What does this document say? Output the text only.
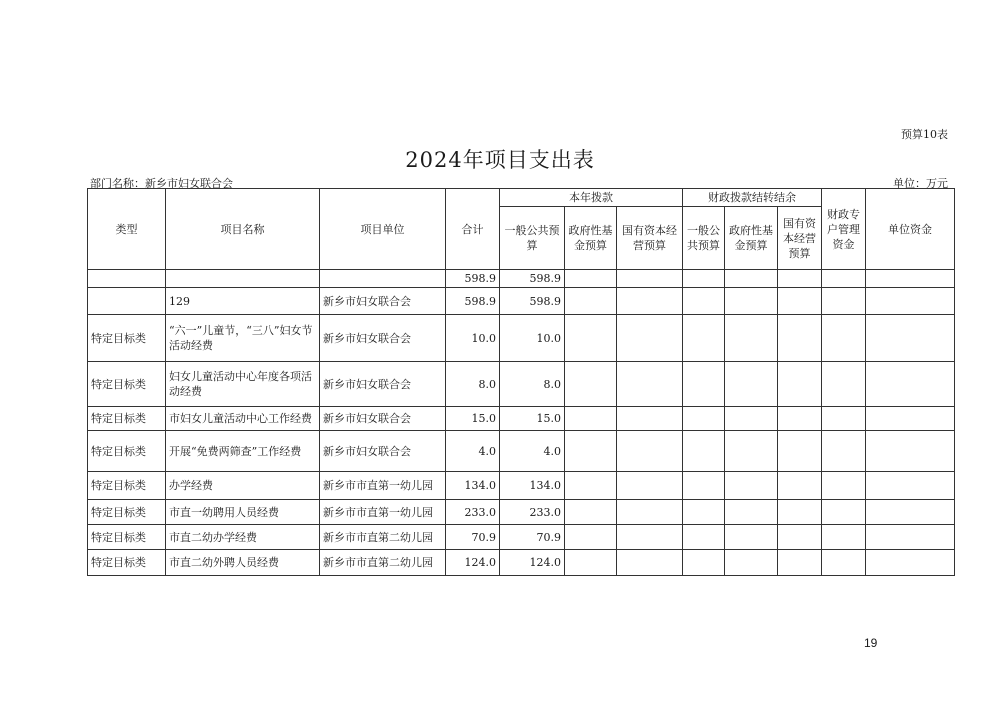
预算10表
2024年项目支出表
部门名称：新乡市妇女联合会	单位：万元
类型	项目名称	项目单位	合计	本年拨款			财政拨款结转结余			财政专户管理资金	单位资金
				一般公共预算	政府性基金预算	国有资本经营预算	一般公共预算	政府性基金预算	国有资本经营预算		
			598.9	598.9							
	129	新乡市妇女联合会	598.9	598.9							
特定目标类	“六一”儿童节，“三八”妇女节活动经费	新乡市妇女联合会	10.0	10.0							
特定目标类	妇女儿童活动中心年度各项活动经费	新乡市妇女联合会	8.0	8.0							
特定目标类	市妇女儿童活动中心工作经费	新乡市妇女联合会	15.0	15.0							
特定目标类	开展“免费两筛查”工作经费	新乡市妇女联合会	4.0	4.0							
特定目标类	办学经费	新乡市市直第一幼儿园	134.0	134.0							
特定目标类	市直一幼聘用人员经费	新乡市市直第一幼儿园	233.0	233.0							
特定目标类	市直二幼办学经费	新乡市市直第二幼儿园	70.9	70.9							
特定目标类	市直二幼外聘人员经费	新乡市市直第二幼儿园	124.0	124.0							
19
